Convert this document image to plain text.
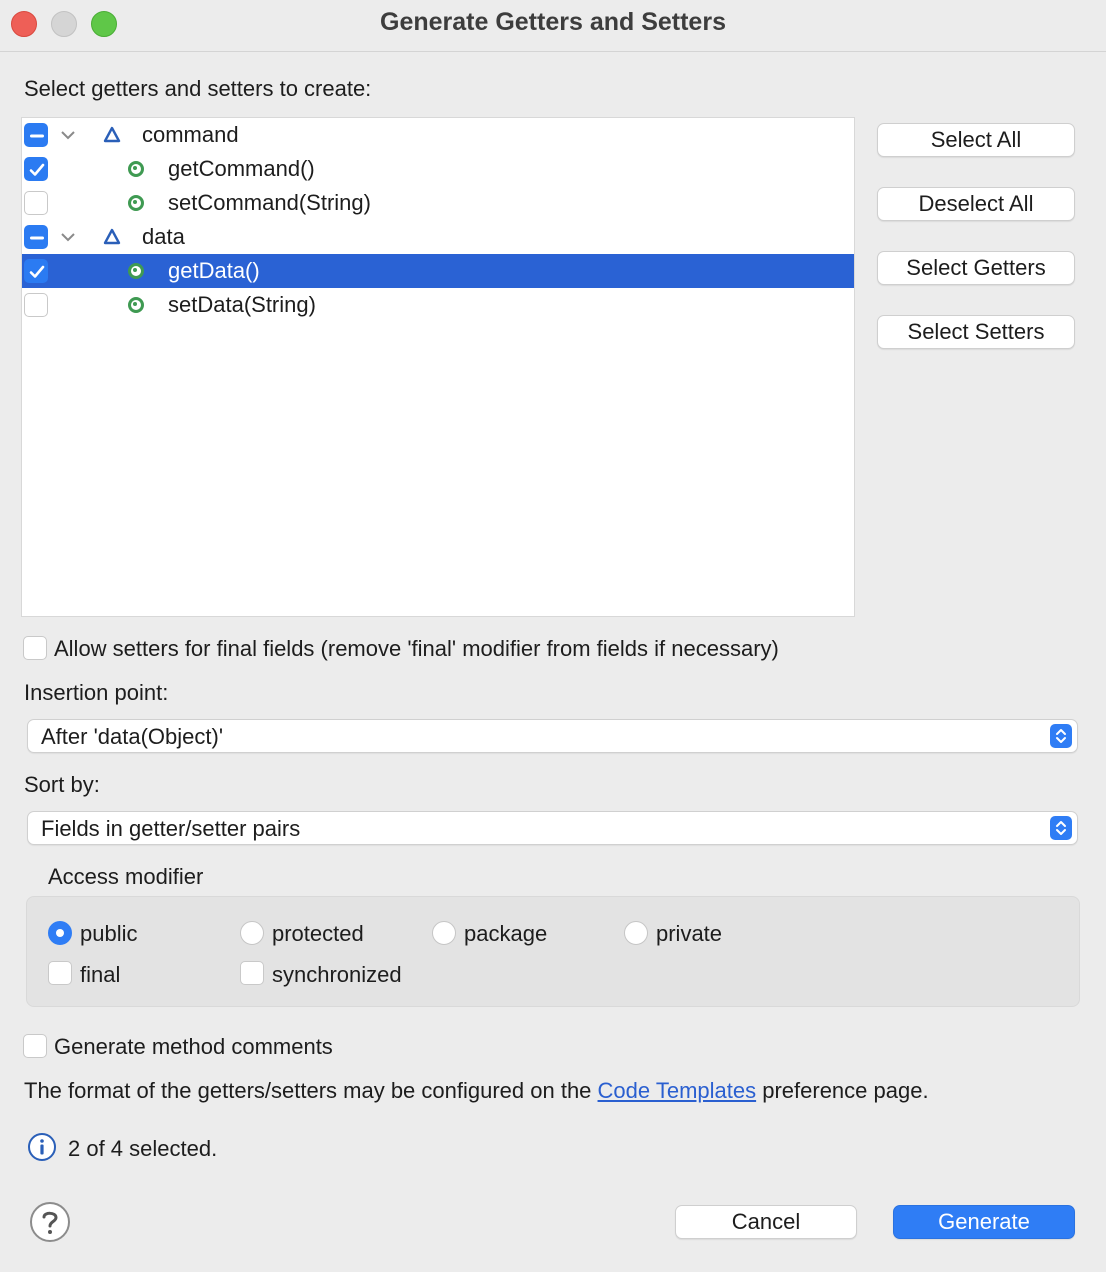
Generate Getters and Setters
Select getters and setters to create:
command
getCommand()
setCommand(String)
data
getData()
setData(String)
Select All
Deselect All
Select Getters
Select Setters
Allow setters for final fields (remove 'final' modifier from fields if necessary)
Insertion point:
After 'data(Object)'
Sort by:
Fields in getter/setter pairs
Access modifier
public	protected	package	private
final	synchronized
Generate method comments
The format of the getters/setters may be configured on the Code Templates preference page.
2 of 4 selected.
Cancel	Generate
